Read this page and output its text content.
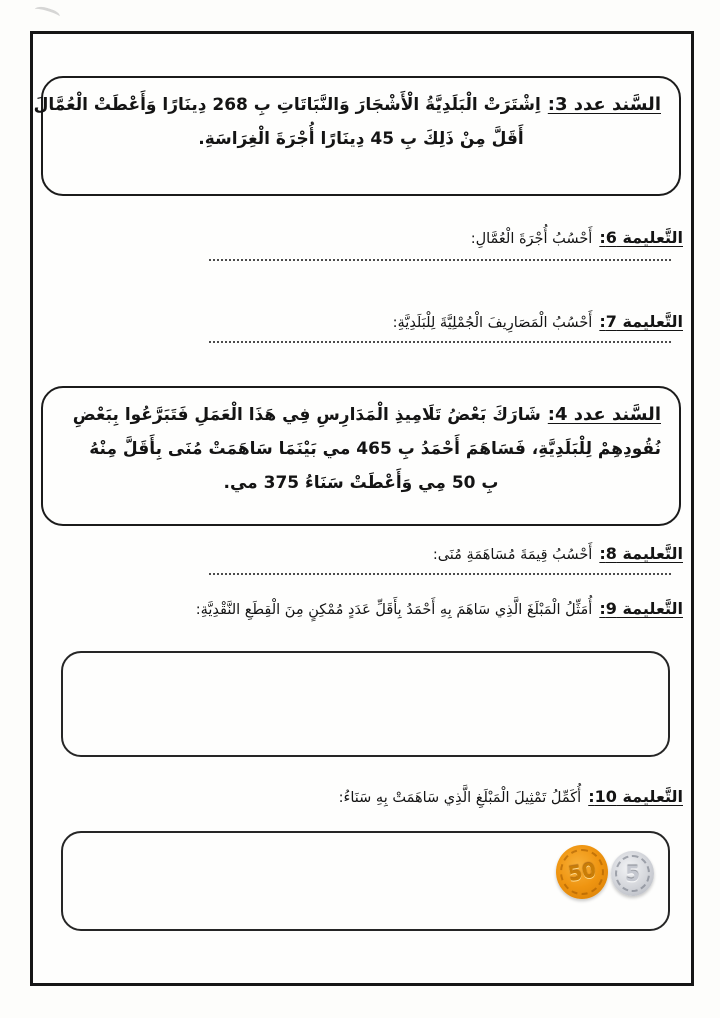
السَّند عدد 3:اِشْتَرَتْ الْبَلَدِيَّةُ الْأَشْجَارَ وَالنَّبَاتَاتِ بِ 268 دِينَارًا وَأَعْطَتْ الْعُمَّالَ

أَقَلَّ مِنْ ذَلِكَ بِ 45 دِينَارًا أُجْرَةَ الْغِرَاسَةِ.

التَّعليمة 6:أَحْسُبُ أُجْرَةَ الْعُمَّالِ:
التَّعليمة 7:أَحْسُبُ الْمَصَارِيفَ الْجُمْلِيَّةَ لِلْبَلَدِيَّةِ:

السَّند عدد 4:شَارَكَ بَعْضُ تَلَامِيذِ الْمَدَارِسِ فِي هَذَا الْعَمَلِ فَتَبَرَّعُوا بِبَعْضِ

نُقُودِهِمْ لِلْبَلَدِيَّةِ، فَسَاهَمَ أَحْمَدُ بِ 465 مي بَيْنَمَا سَاهَمَتْ مُنَى بِأَقَلَّ مِنْهُ

بِ 50 مِي وَأَعْطَتْ سَنَاءُ 375 مي.

التَّعليمة 8:أَحْسُبُ قِيمَةَ مُسَاهَمَةِ مُنَى:
التَّعليمة 9:أُمَثِّلُ الْمَبْلَغَ الَّذِي سَاهَمَ بِهِ أَحْمَدُ بِأَقَلِّ عَدَدٍ مُمْكِنٍ مِنَ الْقِطَعِ النَّقْدِيَّةِ:
التَّعليمة 10:أُكَمِّلُ تَمْثِيلَ الْمَبْلَغِ الَّذِي سَاهَمَتْ بِهِ سَنَاءُ:
50	5
